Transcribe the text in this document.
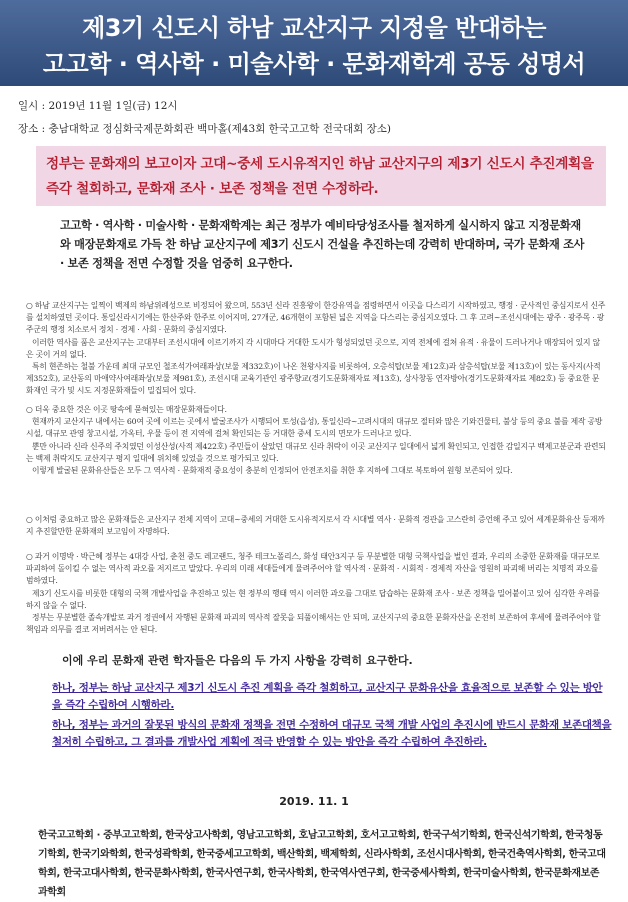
제3기 신도시 하남 교산지구 지정을 반대하는
고고학 · 역사학 · 미술사학 · 문화재학계 공동 성명서
일시 : 2019년 11월 1일(금) 12시
장소 : 충남대학교 정심화국제문화회관 백마홀(제43회 한국고고학 전국대회 장소)
정부는 문화재의 보고이자 고대~중세 도시유적지인 하남 교산지구의 제3기 신도시 추진계획을 즉각 철회하고, 문화재 조사 · 보존 정책을 전면 수정하라.
고고학 · 역사학 · 미술사학 · 문화재학계는 최근 정부가 예비타당성조사를 철저하게 실시하지 않고 지정문화재와 매장문화재로 가득 찬 하남 교산지구에 제3기 신도시 건설을 추진하는데 강력히 반대하며, 국가 문화재 조사 · 보존 정책을 전면 수정할 것을 엄중히 요구한다.

○ 하남 교산지구는 일찍이 백제의 하남위례성으로 비정되어 왔으며, 553년 신라 진흥왕이 한강유역을 점령하면서 이곳을 다스리기 시작하였고, 행정 · 군사적인 중심지로서 신주를 설치하였던 곳이다. 통일신라시기에는 한산주와 한주로 이어지며, 27개군, 46개현이 포함된 넓은 지역을 다스리는 중심지오였다. 그 후 고려~조선시대에는 광주 · 광주목 · 광주군의 행정 치소로서 정치 · 경제 · 사회 · 문화의 중심지였다.

이러한 역사를 품은 교산지구는 고대부터 조선시대에 이르기까지 각 시대마다 거대한 도시가 형성되었던 곳으로, 지역 전체에 걸쳐 유적 · 유물이 드러나거나 매장되어 있지 않은 곳이 거의 없다.

특히 현존하는 철불 가운데 최대 규모인 철조석가여래좌상(보물 제332호)이 나온 천왕사지를 비롯하여, 오층석탑(보물 제12호)과 삼층석탑(보물 제13호)이 있는 동사지(사적 제352호), 교산동의 마애약사여래좌상(보물 제981호), 조선시대 교육기관인 광주향교(경기도문화재자료 제13호), 상사창동 연자방아(경기도문화재자료 제82호) 등 중요한 문화재인 국가 및 시도 지정문화재들이 밀집되어 있다.

○ 더욱 중요한 것은 이곳 땅속에 묻혀있는 매장문화재들이다.

현재까지 교산지구 내에서는 60여 곳에 이르는 곳에서 발굴조사가 시행되어 토성(읍성), 통일신라~고려시대의 대규모 절터와 많은 기와건물터, 불상 등의 중요 불를 제작 공방시설, 대규모 관영 창고시설, 가옥터, 우물 등이 전 지역에 걸쳐 확인되는 등 거대한 중세 도시의 면모가 드러나고 있다.

뿐만 아니라 신라 신주의 주치였던 이성산성(사적 제422호) 주민들이 살았던 대규모 신라 취락이 이곳 교산지구 일대에서 넓게 확인되고, 인접한 감일지구 백제고분군과 관련되는 백제 취락지도 교산지구 평지 일대에 위치해 있었을 것으로 평가되고 있다.

이렇게 발굴된 문화유산들은 모두 그 역사적 · 문화재적 중요성이 충분히 인정되어 안전조치를 취한 후 지하에 그대로 복토하여 원형 보존되어 있다.

○ 이처럼 중요하고 많은 문화재들은 교산지구 전체 지역이 고대~중세의 거대한 도시유적지로서 각 시대별 역사 · 문화적 경관을 고스란히 증언해 주고 있어 세계문화유산 등재까지 추진할만한 문화재의 보고임이 자명하다.

○ 과거 이명박 · 박근혜 정부는 4대강 사업, 춘천 중도 레고랜드, 청주 테크노폴리스, 화성 태안3지구 등 무분별한 대형 국책사업을 벌인 결과, 우리의 소중한 문화재를 대규모로 파괴하여 돌이킬 수 없는 역사적 과오를 저지르고 말았다. 우리의 미래 세대들에게 물려주어야 할 역사적 · 문화적 · 시회적 · 경제적 자산을 영원히 파괴해 버리는 치명적 과오를 범하였다.

제3기 신도시를 비롯한 대형의 국책 개발사업을 추진하고 있는 현 정부의 행태 역시 이러한 과오를 그대로 답습하는 문화재 조사 · 보존 정책을 밀어붙이고 있어 심각한 우려를 하지 않을 수 없다.

정부는 무분별한 졸속개발로 과거 정권에서 자행된 문화재 파괴의 역사적 잘못을 되풀이해서는 안 되며, 교산지구의 중요한 문화자산을 온전히 보존하여 후세에 물려주어야 할 책임과 의무를 결코 저버려서는 안 된다.

이에 우리 문화재 관련 학자들은 다음의 두 가지 사항을 강력히 요구한다.
하나, 정부는 하남 교산지구 제3기 신도시 추진 계획을 즉각 철회하고, 교산지구 문화유산을 효율적으로 보존할 수 있는 방안을 즉각 수립하여 시행하라.
하나, 정부는 과거의 잘못된 방식의 문화재 정책을 전면 수정하여 대규모 국책 개발 사업의 추진시에 반드시 문화재 보존대책을 철저히 수립하고, 그 결과를 개발사업 계획에 적극 반영할 수 있는 방안을 즉각 수립하여 추진하라.
2019. 11. 1
한국고고학회 · 중부고고학회, 한국상고사학회, 영남고고학회, 호남고고학회, 호서고고학회, 한국구석기학회, 한국신석기학회, 한국청동기학회, 한국기와학회, 한국성곽학회, 한국중세고고학회, 백산학회, 백제학회, 신라사학회, 조선시대사학회, 한국건축역사학회, 한국고대학회, 한국고대사학회, 한국문화사학회, 한국사연구회, 한국사학회, 한국역사연구회, 한국중세사학회, 한국미술사학회, 한국문화재보존과학회
